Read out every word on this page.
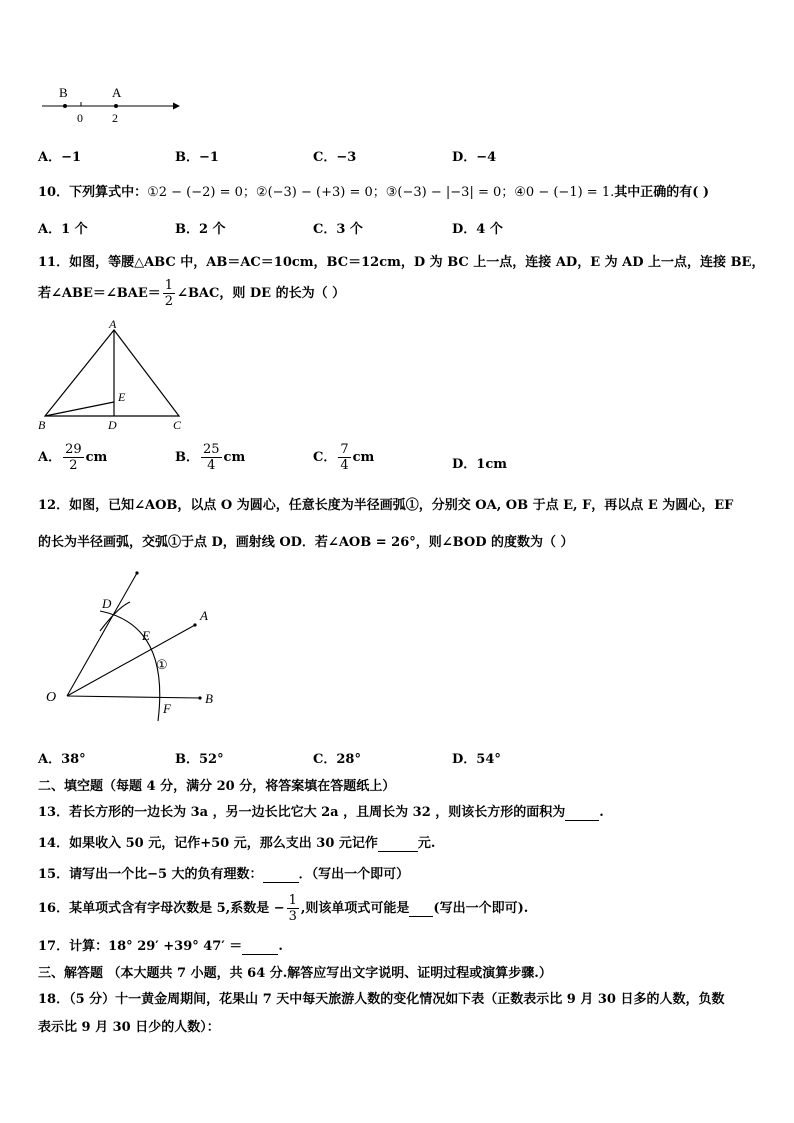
B	A
0 2
A．−1	B．−1	C．−3	D．−4
10．下列算式中：①2 − (−2) = 0；②(−3) − (+3) = 0；③(−3) − |−3| = 0；④0 − (−1) = 1.其中正确的有( )
A．1 个	B．2 个	C．3 个	D．4 个
11．如图，等腰△ABC 中，AB＝AC＝10cm，BC＝12cm，D 为 BC 上一点，连接 AD，E 为 AD 上一点，连接 BE，
若∠ABE＝∠BAE＝ $\frac{1}{2}$ ∠BAC，则 DE 的长为（ ）
A
E
B	D	C
A． $\frac{29}{2}$ cm	B． $\frac{25}{4}$ cm	C． $\frac{7}{4}$ cm	D．1cm
12．如图，已知∠AOB，以点 O 为圆心，任意长度为半径画弧①，分别交 OA, OB 于点 E, F，再以点 E 为圆心，EF
的长为半径画弧，交弧①于点 D，画射线 OD．若∠AOB = 26°，则∠BOD 的度数为（ ）
O
D
E
A
B
F
①
A．38°	B．52°	C．28°	D．54°
二、填空题（每题 4 分，满分 20 分，将答案填在答题纸上）
13．若长方形的一边长为 3a ，另一边长比它大 2a ，且周长为 32 ，则该长方形的面积为	.
14．如果收入 50 元，记作+50 元，那么支出 30 元记作	元.
15．请写出一个比−5 大的负有理数：	．（写出一个即可）
16．某单项式含有字母次数是 5,系数是 − $\frac{1}{3}$ ,则该单项式可能是 (写出一个即可).
17．计算：18° 29′ +39° 47′ ＝	.
三、解答题 （本大题共 7 小题，共 64 分.解答应写出文字说明、证明过程或演算步骤.）
18．（5 分）十一黄金周期间，花果山 7 天中每天旅游人数的变化情况如下表（正数表示比 9 月 30 日多的人数，负数
表示比 9 月 30 日少的人数）：
